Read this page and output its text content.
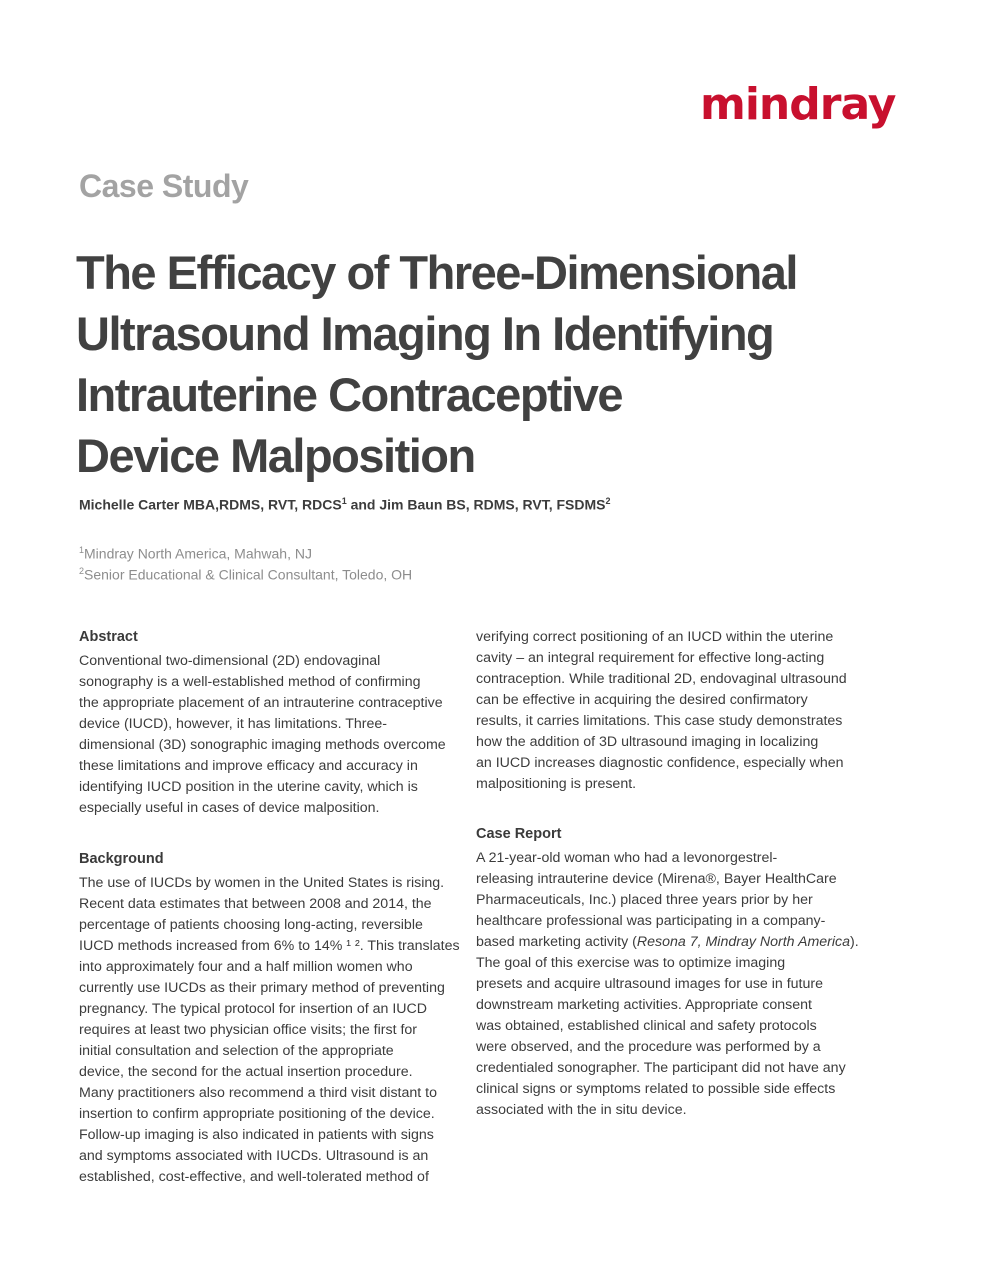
mindray
Case Study
The Efficacy of Three-Dimensional
Ultrasound Imaging In Identifying
Intrauterine Contraceptive
Device Malposition
Michelle Carter MBA,RDMS, RVT, RDCS$^1$ and Jim Baun BS, RDMS, RVT, FSDMS$^2$
$^1$Mindray North America, Mahwah, NJ
$^2$Senior Educational & Clinical Consultant, Toledo, OH
Abstract

Conventional two-dimensional (2D) endovaginal
sonography is a well-established method of confirming
the appropriate placement of an intrauterine contraceptive
device (IUCD), however, it has limitations. Three-
dimensional (3D) sonographic imaging methods overcome
these limitations and improve efficacy and accuracy in
identifying IUCD position in the uterine cavity, which is
especially useful in cases of device malposition.

Background

The use of IUCDs by women in the United States is rising.
Recent data estimates that between 2008 and 2014, the
percentage of patients choosing long-acting, reversible
IUCD methods increased from 6% to 14% ¹ ². This translates
into approximately four and a half million women who
currently use IUCDs as their primary method of preventing
pregnancy. The typical protocol for insertion of an IUCD
requires at least two physician office visits; the first for
initial consultation and selection of the appropriate
device, the second for the actual insertion procedure.
Many practitioners also recommend a third visit distant to
insertion to confirm appropriate positioning of the device.
Follow-up imaging is also indicated in patients with signs
and symptoms associated with IUCDs. Ultrasound is an
established, cost-effective, and well-tolerated method of

verifying correct positioning of an IUCD within the uterine
cavity – an integral requirement for effective long-acting
contraception. While traditional 2D, endovaginal ultrasound
can be effective in acquiring the desired confirmatory
results, it carries limitations. This case study demonstrates
how the addition of 3D ultrasound imaging in localizing
an IUCD increases diagnostic confidence, especially when
malpositioning is present.

Case Report

A 21-year-old woman who had a levonorgestrel-
releasing intrauterine device (Mirena®, Bayer HealthCare
Pharmaceuticals, Inc.) placed three years prior by her
healthcare professional was participating in a company-
based marketing activity (Resona 7, Mindray North America).
The goal of this exercise was to optimize imaging
presets and acquire ultrasound images for use in future
downstream marketing activities. Appropriate consent
was obtained, established clinical and safety protocols
were observed, and the procedure was performed by a
credentialed sonographer. The participant did not have any
clinical signs or symptoms related to possible side effects
associated with the in situ device.
